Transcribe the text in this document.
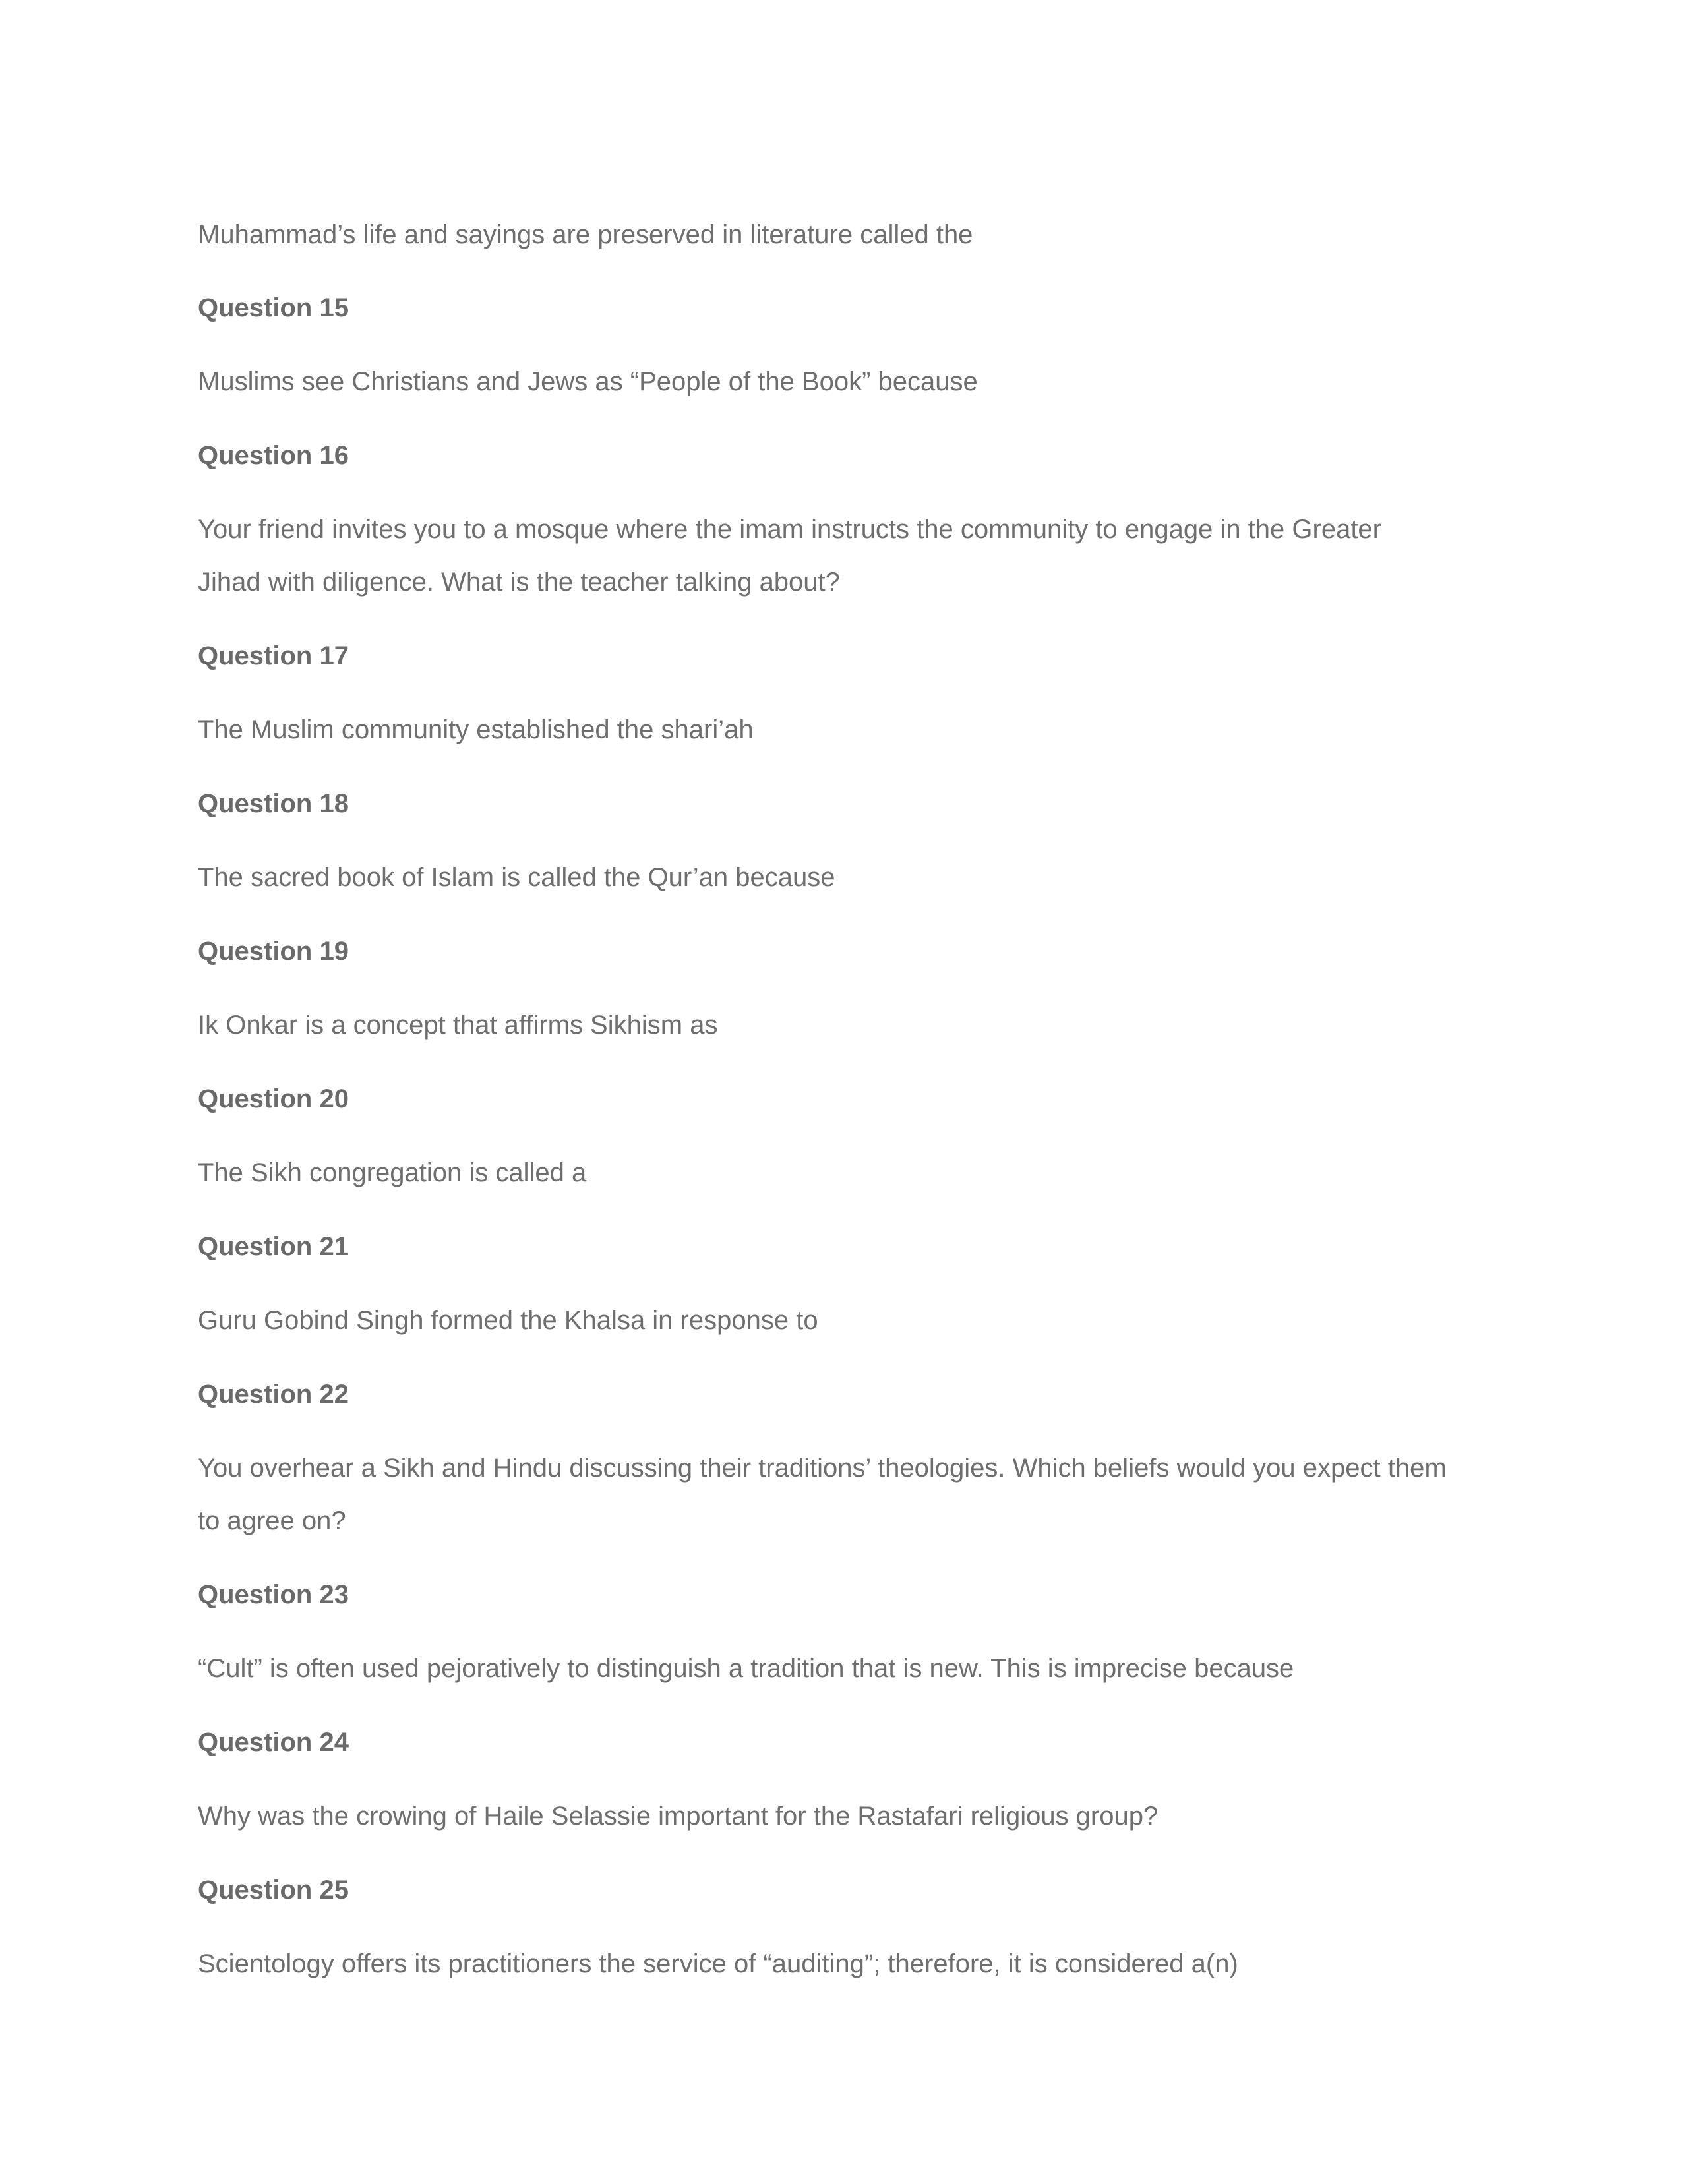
Muhammad’s life and sayings are preserved in literature called the

Question 15

Muslims see Christians and Jews as “People of the Book” because

Question 16

Your friend invites you to a mosque where the imam instructs the community to engage in the Greater Jihad with diligence. What is the teacher talking about?

Question 17

The Muslim community established the shari’ah

Question 18

The sacred book of Islam is called the Qur’an because

Question 19

Ik Onkar is a concept that affirms Sikhism as

Question 20

The Sikh congregation is called a

Question 21

Guru Gobind Singh formed the Khalsa in response to

Question 22

You overhear a Sikh and Hindu discussing their traditions’ theologies. Which beliefs would you expect them to agree on?

Question 23

“Cult” is often used pejoratively to distinguish a tradition that is new. This is imprecise because

Question 24

Why was the crowing of Haile Selassie important for the Rastafari religious group?

Question 25

Scientology offers its practitioners the service of “auditing”; therefore, it is considered a(n)
